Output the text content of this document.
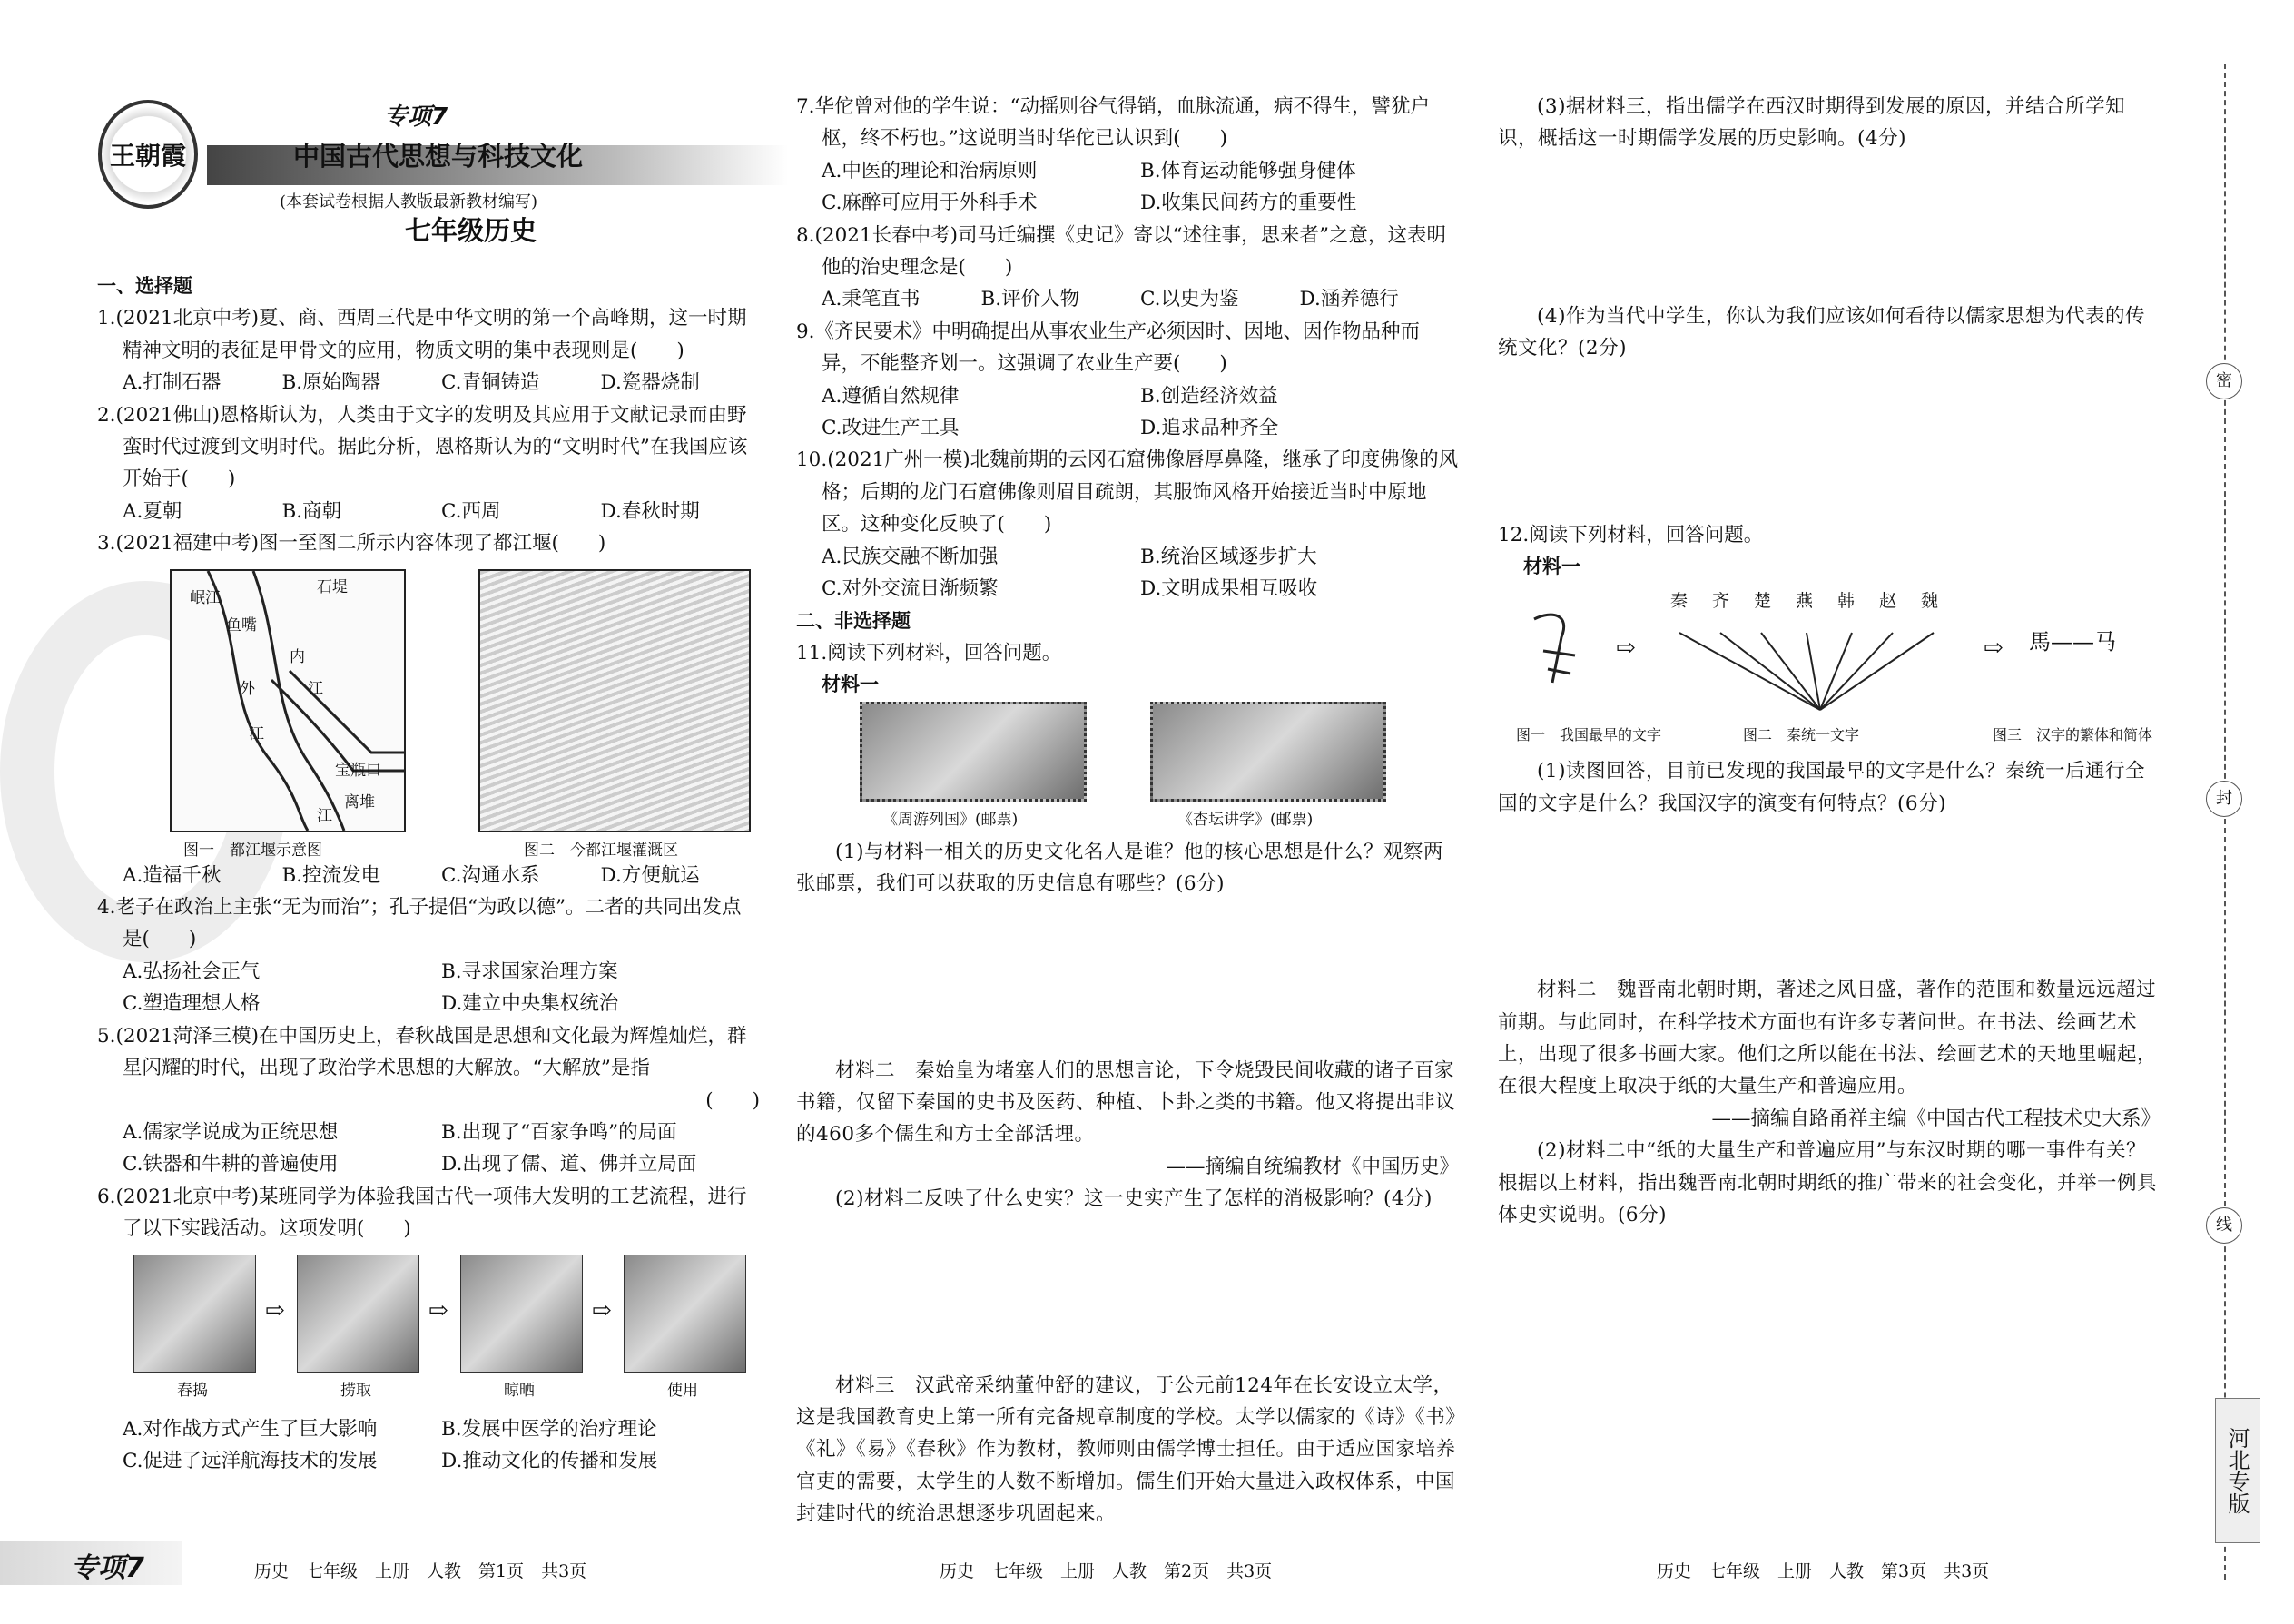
王朝霞
专项7
中国古代思想与科技文化
(本套试卷根据人教版最新教材编写)
七年级历史

一、选择题

1.(2021北京中考)夏、商、西周三代是中华文明的第一个高峰期，这一时期精神文明的表征是甲骨文的应用，物质文明的集中表现则是(　　)

A.打制石器	B.原始陶器	C.青铜铸造	D.瓷器烧制

2.(2021佛山)恩格斯认为，人类由于文字的发明及其应用于文献记录而由野蛮时代过渡到文明时代。据此分析，恩格斯认为的“文明时代”在我国应该开始于(　　)

A.夏朝	B.商朝	C.西周	D.春秋时期

3.(2021福建中考)图一至图二所示内容体现了都江堰(　　)

石堤
岷江
鱼嘴
外
内
江
江
宝瓶口
离堆
江
图一　都江堰示意图	图二　今都江堰灌溉区
A.造福千秋	B.控流发电	C.沟通水系	D.方便航运

4.老子在政治上主张“无为而治”；孔子提倡“为政以德”。二者的共同出发点是(　　)

A.弘扬社会正气	B.寻求国家治理方案
C.塑造理想人格	D.建立中央集权统治

5.(2021菏泽三模)在中国历史上，春秋战国是思想和文化最为辉煌灿烂，群星闪耀的时代，出现了政治学术思想的大解放。“大解放”是指

(　　)

A.儒家学说成为正统思想	B.出现了“百家争鸣”的局面
C.铁器和牛耕的普遍使用	D.出现了儒、道、佛并立局面

6.(2021北京中考)某班同学为体验我国古代一项伟大发明的工艺流程，进行了以下实践活动。这项发明(　　)

⇨	⇨	⇨
舂捣	捞取	晾晒	使用
A.对作战方式产生了巨大影响	B.发展中医学的治疗理论
C.促进了远洋航海技术的发展	D.推动文化的传播和发展

7.华佗曾对他的学生说：“动摇则谷气得销，血脉流通，病不得生，譬犹户枢，终不朽也。”这说明当时华佗已认识到(　　)

A.中医的理论和治病原则	B.体育运动能够强身健体
C.麻醉可应用于外科手术	D.收集民间药方的重要性

8.(2021长春中考)司马迁编撰《史记》寄以“述往事，思来者”之意，这表明他的治史理念是(　　)

A.秉笔直书	B.评价人物	C.以史为鉴	D.涵养德行

9.《齐民要术》中明确提出从事农业生产必须因时、因地、因作物品种而异，不能整齐划一。这强调了农业生产要(　　)

A.遵循自然规律	B.创造经济效益
C.改进生产工具	D.追求品种齐全

10.(2021广州一模)北魏前期的云冈石窟佛像唇厚鼻隆，继承了印度佛像的风格；后期的龙门石窟佛像则眉目疏朗，其服饰风格开始接近当时中原地区。这种变化反映了(　　)

A.民族交融不断加强	B.统治区域逐步扩大
C.对外交流日渐频繁	D.文明成果相互吸收

二、非选择题

11.阅读下列材料，回答问题。

材料一

《周游列国》(邮票)	《杏坛讲学》(邮票)

(1)与材料一相关的历史文化名人是谁？他的核心思想是什么？观察两张邮票，我们可以获取的历史信息有哪些？(6分)

材料二　秦始皇为堵塞人们的思想言论，下令烧毁民间收藏的诸子百家书籍，仅留下秦国的史书及医药、种植、卜卦之类的书籍。他又将提出非议的460多个儒生和方士全部活埋。

——摘编自统编教材《中国历史》

(2)材料二反映了什么史实？这一史实产生了怎样的消极影响？(4分)

材料三　汉武帝采纳董仲舒的建议，于公元前124年在长安设立太学，这是我国教育史上第一所有完备规章制度的学校。太学以儒家的《诗》《书》《礼》《易》《春秋》作为教材，教师则由儒学博士担任。由于适应国家培养官吏的需要，太学生的人数不断增加。儒生们开始大量进入政权体系，中国封建时代的统治思想逐步巩固起来。

(3)据材料三，指出儒学在西汉时期得到发展的原因，并结合所学知识，概括这一时期儒学发展的历史影响。(4分)

(4)作为当代中学生，你认为我们应该如何看待以儒家思想为代表的传统文化？(2分)

12.阅读下列材料，回答问题。

材料一

⇨	⇨
秦 齐 楚 燕 韩 赵 魏
馬——马
图一　我国最早的文字	图二　秦统一文字	图三　汉字的繁体和简体

(1)读图回答，目前已发现的我国最早的文字是什么？秦统一后通行全国的文字是什么？我国汉字的演变有何特点？(6分)

材料二　魏晋南北朝时期，著述之风日盛，著作的范围和数量远远超过前期。与此同时，在科学技术方面也有许多专著问世。在书法、绘画艺术上，出现了很多书画大家。他们之所以能在书法、绘画艺术的天地里崛起，在很大程度上取决于纸的大量生产和普遍应用。

——摘编自路甬祥主编《中国古代工程技术史大系》

(2)材料二中“纸的大量生产和普遍应用”与东汉时期的哪一事件有关？根据以上材料，指出魏晋南北朝时期纸的推广带来的社会变化，并举一例具体史实说明。(6分)

密
封
线
河北专版
专项7	历史　七年级　上册　人教　第1页　共3页	历史　七年级　上册　人教　第2页　共3页	历史　七年级　上册　人教　第3页　共3页
